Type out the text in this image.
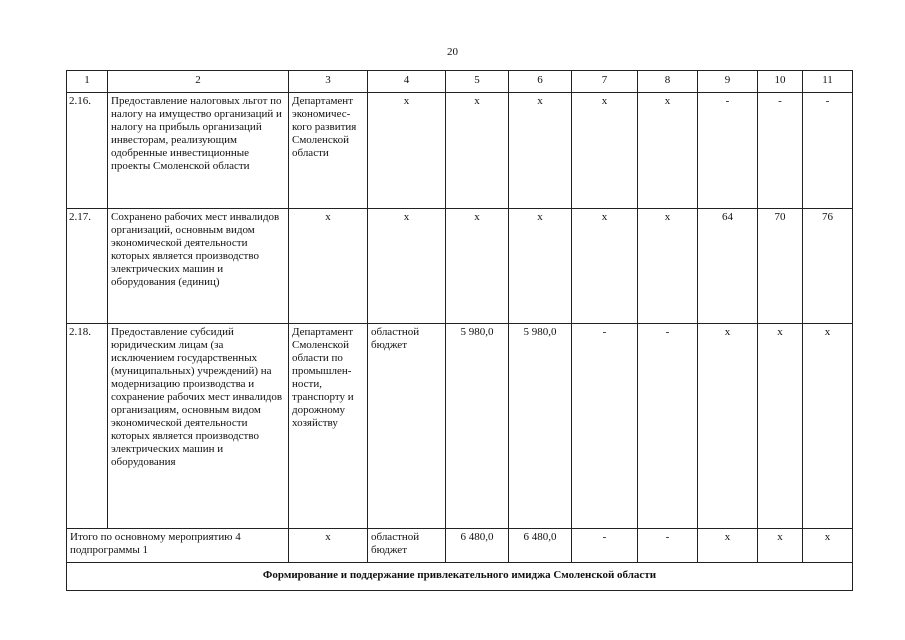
20
1	2	3	4	5	6	7	8	9	10	11
2.16.	Предоставление налоговых льгот по налогу на имущество организаций и налогу на прибыль организаций инвесторам, реализующим одобренные инвестиционные проекты Смоленской области	Департамент экономичес-кого развития Смоленской области	x	x	x	x	x	-	-	-
2.17.	Сохранено рабочих мест инвалидов организаций, основным видом экономической деятельности которых является производство электрических машин и оборудования (единиц)	x	x	x	x	x	x	64	70	76
2.18.	Предоставление субсидий юридическим лицам (за исключением государственных (муниципальных) учреждений) на модернизацию производства и сохранение рабочих мест инвалидов организациям, основным видом экономической деятельности которых является производство электрических машин и оборудования	Департамент Смоленской области по промышлен-ности, транспорту и дорожному хозяйству	областной бюджет	5 980,0	5 980,0	-	-	x	x	x
Итого по основному мероприятию 4 подпрограммы 1		x	областной бюджет	6 480,0	6 480,0	-	-	x	x	x
Формирование и поддержание привлекательного имиджа Смоленской области										
